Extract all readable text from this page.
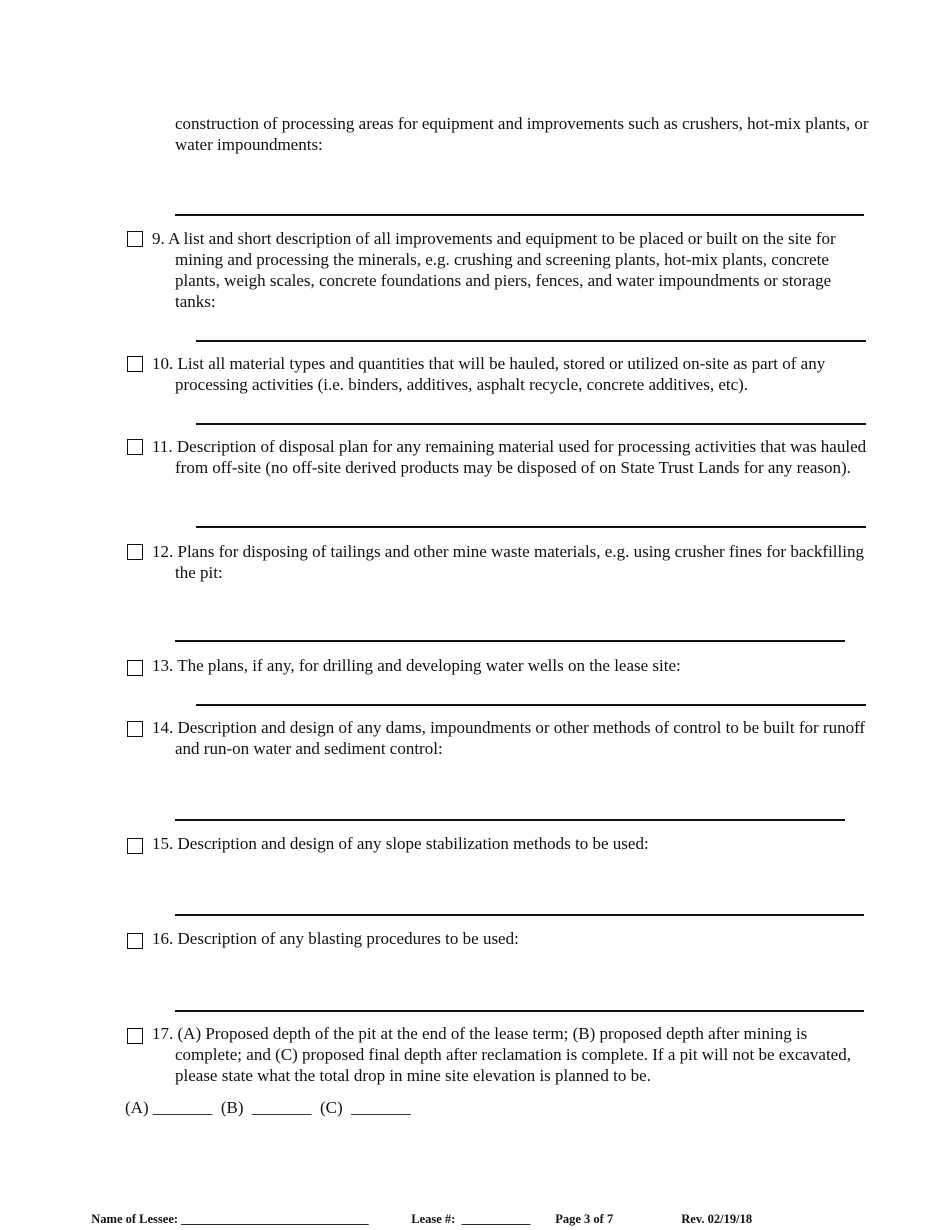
construction of processing areas for equipment and improvements such as crushers, hot-mix plants, or water impoundments:
9. A list and short description of all improvements and equipment to be placed or built on the site for mining and processing the minerals, e.g. crushing and screening plants, hot-mix plants, concrete plants, weigh scales, concrete foundations and piers, fences, and water impoundments or storage tanks:
10. List all material types and quantities that will be hauled, stored or utilized on-site as part of any processing activities (i.e. binders, additives, asphalt recycle, concrete additives, etc).
11. Description of disposal plan for any remaining material used for processing activities that was hauled from off-site (no off-site derived products may be disposed of on State Trust Lands for any reason).
12. Plans for disposing of tailings and other mine waste materials, e.g. using crusher fines for backfilling the pit:
13. The plans, if any, for drilling and developing water wells on the lease site:
14. Description and design of any dams, impoundments or other methods of control to be built for runoff and run-on water and sediment control:
15. Description and design of any slope stabilization methods to be used:
16. Description of any blasting procedures to be used:
17. (A) Proposed depth of the pit at the end of the lease term; (B) proposed depth after mining is complete; and (C) proposed final depth after reclamation is complete. If a pit will not be excavated, please state what the total drop in mine site elevation is planned to be.
(A) _______  (B)  _______  (C)  _______

Name of Lessee: ______________________________	Lease #:  ___________ Page 3 of 7	Rev. 02/19/18
